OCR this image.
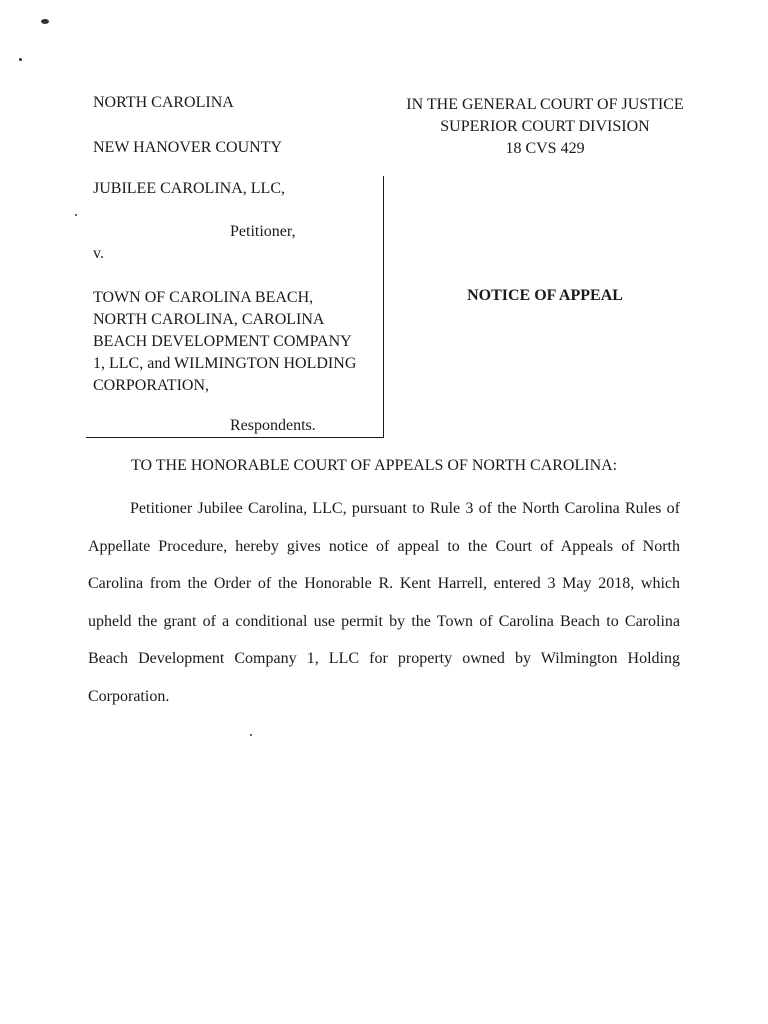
NORTH CAROLINA
NEW HANOVER COUNTY
JUBILEE CAROLINA, LLC,
Petitioner,
v.
TOWN OF CAROLINA BEACH,
NORTH CAROLINA, CAROLINA
BEACH DEVELOPMENT COMPANY
1, LLC, and WILMINGTON HOLDING
CORPORATION,
Respondents.
IN THE GENERAL COURT OF JUSTICE
SUPERIOR COURT DIVISION
18 CVS 429
NOTICE OF APPEAL
TO THE HONORABLE COURT OF APPEALS OF NORTH CAROLINA:

Petitioner Jubilee Carolina, LLC, pursuant to Rule 3 of the North Carolina Rules of Appellate Procedure, hereby gives notice of appeal to the Court of Appeals of North Carolina from the Order of the Honorable R. Kent Harrell, entered 3 May 2018, which upheld the grant of a conditional use permit by the Town of Carolina Beach to Carolina Beach Development Company 1, LLC for property owned by Wilmington Holding Corporation.
